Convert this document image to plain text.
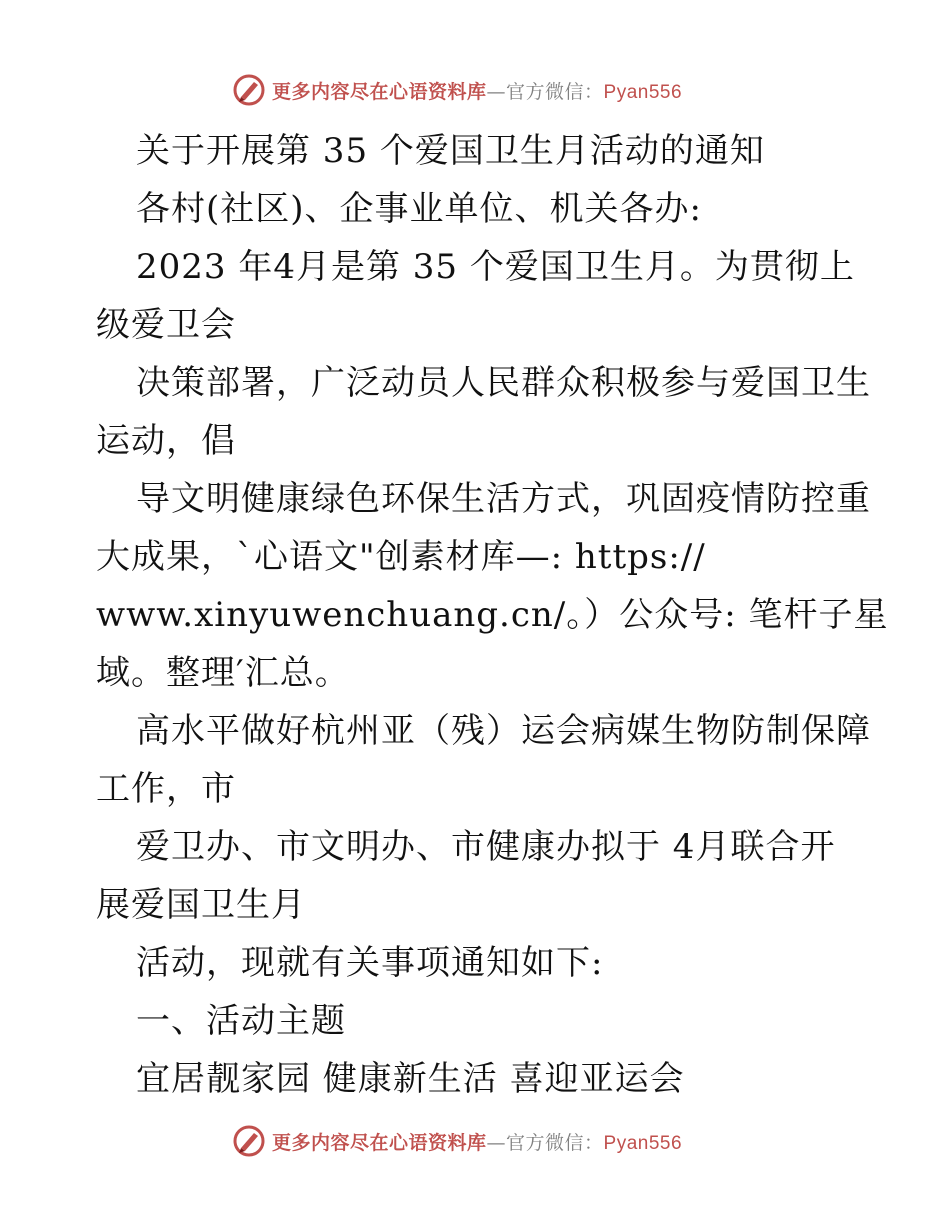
更多内容尽在心语资料库—官方微信：Pyan556
关于开展第 35 个爱国卫生月活动的通知
各村(社区)、企事业单位、机关各办:
2023 年4月是第 35 个爱国卫生月。为贯彻上
级爱卫会
决策部署，广泛动员人民群众积极参与爱国卫生
运动，倡
导文明健康绿色环保生活方式，巩固疫情防控重
大成果，`心语文"创素材库—: https://
www.xinyuwenchuang.cn/。）公众号: 笔杆子星
域。整理′汇总。
高水平做好杭州亚（残）运会病媒生物防制保障
工作，市
爱卫办、市文明办、市健康办拟于 4月联合开
展爱国卫生月
活动，现就有关事项通知如下:
一、活动主题
宜居靓家园 健康新生活 喜迎亚运会
更多内容尽在心语资料库—官方微信：Pyan556
